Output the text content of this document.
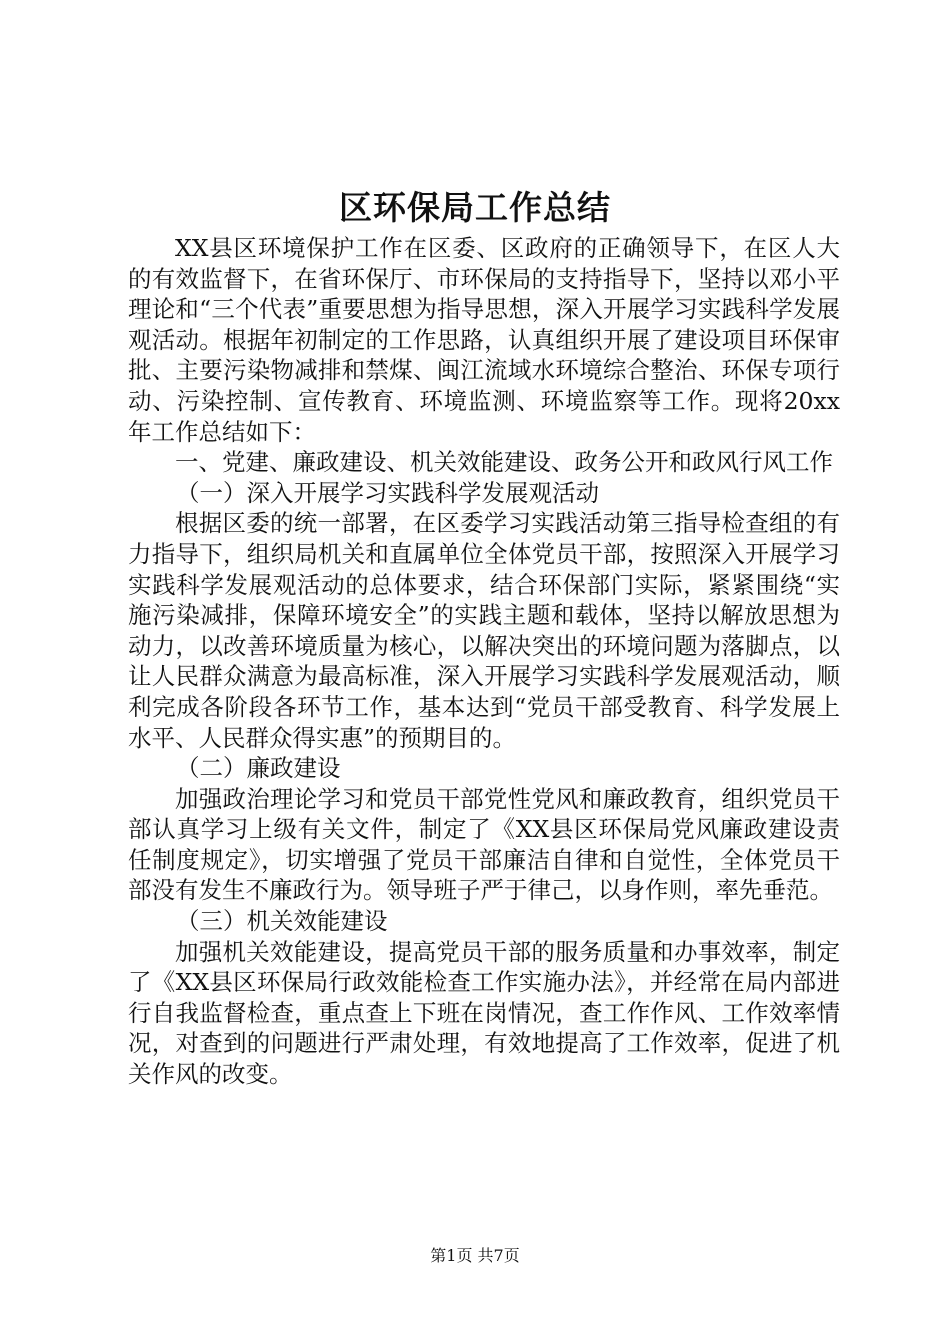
区环保局工作总结

XX县区环境保护工作在区委、区政府的正确领导下，在区人大的有效监督下，在省环保厅、市环保局的支持指导下，坚持以邓小平理论和“三个代表”重要思想为指导思想，深入开展学习实践科学发展观活动。根据年初制定的工作思路，认真组织开展了建设项目环保审批、主要污染物减排和禁煤、闽江流域水环境综合整治、环保专项行动、污染控制、宣传教育、环境监测、环境监察等工作。现将20xx年工作总结如下：

一、党建、廉政建设、机关效能建设、政务公开和政风行风工作

（一）深入开展学习实践科学发展观活动

根据区委的统一部署，在区委学习实践活动第三指导检查组的有力指导下，组织局机关和直属单位全体党员干部，按照深入开展学习实践科学发展观活动的总体要求，结合环保部门实际，紧紧围绕“实施污染减排，保障环境安全”的实践主题和载体，坚持以解放思想为动力，以改善环境质量为核心，以解决突出的环境问题为落脚点，以让人民群众满意为最高标准，深入开展学习实践科学发展观活动，顺利完成各阶段各环节工作，基本达到“党员干部受教育、科学发展上水平、人民群众得实惠”的预期目的。

（二）廉政建设

加强政治理论学习和党员干部党性党风和廉政教育，组织党员干部认真学习上级有关文件，制定了《XX县区环保局党风廉政建设责任制度规定》，切实增强了党员干部廉洁自律和自觉性，全体党员干部没有发生不廉政行为。领导班子严于律己，以身作则，率先垂范。

（三）机关效能建设

加强机关效能建设，提高党员干部的服务质量和办事效率，制定了《XX县区环保局行政效能检查工作实施办法》，并经常在局内部进行自我监督检查，重点查上下班在岗情况，查工作作风、工作效率情况，对查到的问题进行严肃处理，有效地提高了工作效率，促进了机关作风的改变。

第1页 共7页
